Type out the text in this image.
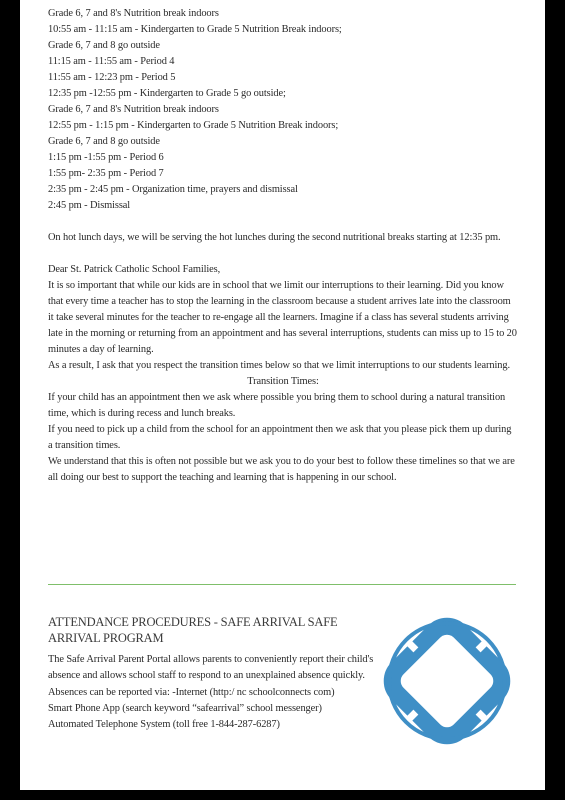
Grade 6, 7 and 8's Nutrition break indoors
10:55 am - 11:15 am - Kindergarten to Grade 5 Nutrition Break indoors;
Grade 6, 7 and 8 go outside
11:15 am - 11:55 am - Period 4
11:55 am - 12:23 pm - Period 5
12:35 pm -12:55 pm - Kindergarten to Grade 5 go outside;
Grade 6, 7 and 8's Nutrition break indoors
12:55 pm - 1:15 pm - Kindergarten to Grade 5 Nutrition Break indoors;
Grade 6, 7 and 8 go outside
1:15 pm -1:55 pm - Period 6
1:55 pm- 2:35 pm - Period 7
2:35 pm - 2:45 pm - Organization time, prayers and dismissal
2:45 pm - Dismissal
On hot lunch days, we will be serving the hot lunches during the second nutritional breaks starting at 12:35 pm.
Dear St. Patrick Catholic School Families,
It is so important that while our kids are in school that we limit our interruptions to their learning. Did you know that every time a teacher has to stop the learning in the classroom because a student arrives late into the classroom it take several minutes for the teacher to re-engage all the learners. Imagine if a class has several students arriving late in the morning or returning from an appointment and has several interruptions, students can miss up to 15 to 20 minutes a day of learning.
As a result, I ask that you respect the transition times below so that we limit interruptions to our students learning.
Transition Times:
If your child has an appointment then we ask where possible you bring them to school during a natural transition time, which is during recess and lunch breaks.
If you need to pick up a child from the school for an appointment then we ask that you please pick them up during a transition times.
We understand that this is often not possible but we ask you to do your best to follow these timelines so that we are all doing our best to support the teaching and learning that is happening in our school.
ATTENDANCE PROCEDURES - SAFE ARRIVAL SAFE ARRIVAL PROGRAM
The Safe Arrival Parent Portal allows parents to conveniently report their child's absence and allows school staff to respond to an unexplained absence quickly.
Absences can be reported via: -Internet (http:/ nc schoolconnects com)
Smart Phone App (search keyword “safearrival” school messenger)
Automated Telephone System (toll free 1-844-287-6287)
